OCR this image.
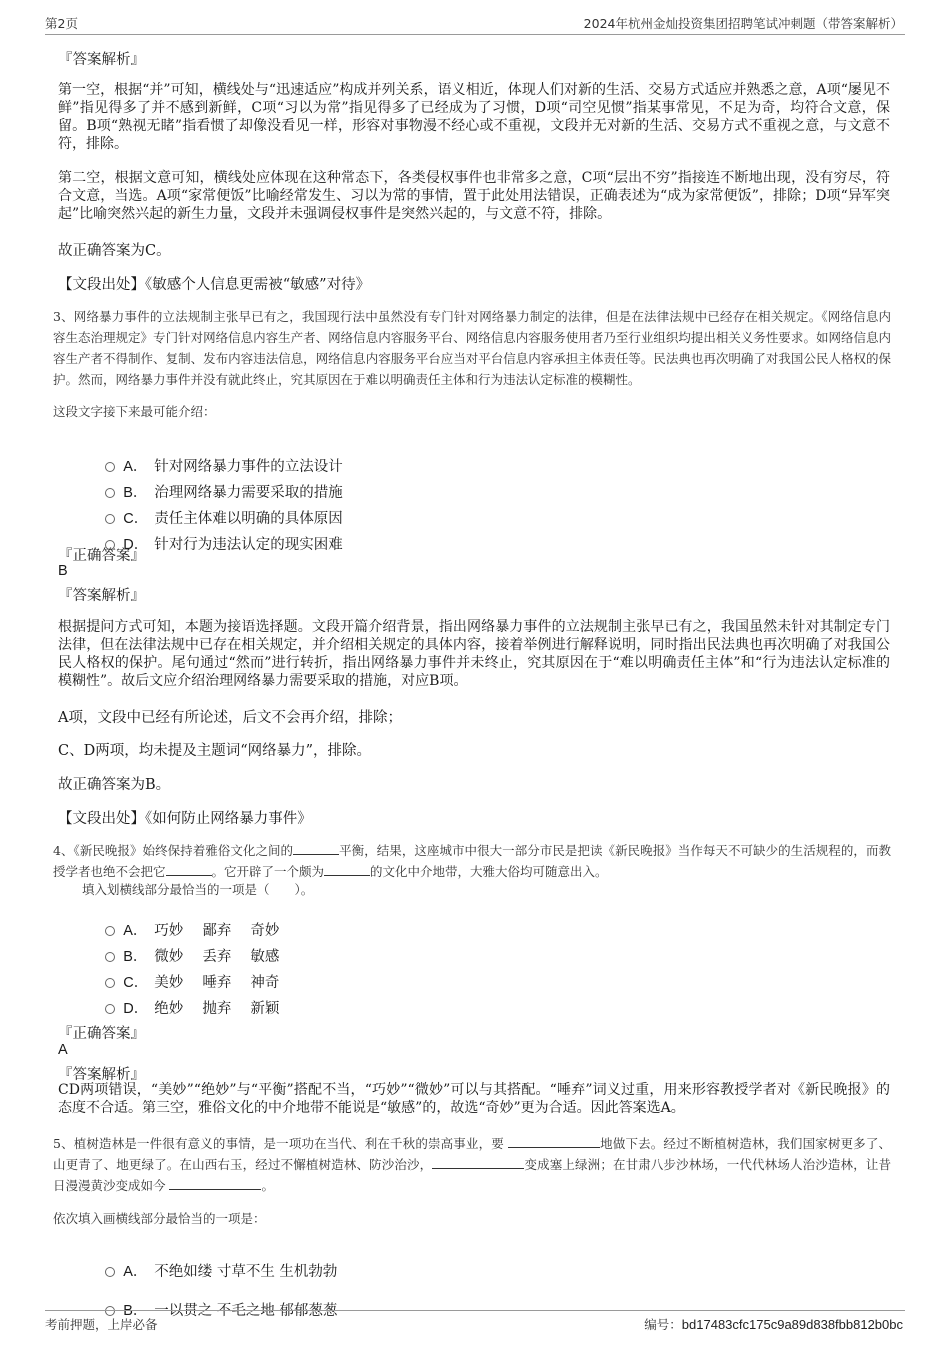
第2页	2024年杭州金灿投资集团招聘笔试冲刺题（带答案解析）
『答案解析』

第一空，根据“并”可知，横线处与“迅速适应”构成并列关系，语义相近，体现人们对新的生活、交易方式适应并熟悉之意，A项“屡见不鲜”指见得多了并不感到新鲜，C项“习以为常”指见得多了已经成为了习惯，D项“司空见惯”指某事常见，不足为奇，均符合文意，保留。B项“熟视无睹”指看惯了却像没看见一样，形容对事物漫不经心或不重视，文段并无对新的生活、交易方式不重视之意，与文意不符，排除。

第二空，根据文意可知，横线处应体现在这种常态下，各类侵权事件也非常多之意，C项“层出不穷”指接连不断地出现，没有穷尽，符合文意，当选。A项“家常便饭”比喻经常发生、习以为常的事情，置于此处用法错误，正确表述为“成为家常便饭”，排除；D项“异军突起”比喻突然兴起的新生力量，文段并未强调侵权事件是突然兴起的，与文意不符，排除。

故正确答案为C。
【文段出处】《敏感个人信息更需被“敏感”对待》

3、网络暴力事件的立法规制主张早已有之，我国现行法中虽然没有专门针对网络暴力制定的法律，但是在法律法规中已经存在相关规定。《网络信息内容生态治理规定》专门针对网络信息内容生产者、网络信息内容服务平台、网络信息内容服务使用者乃至行业组织均提出相关义务性要求。如网络信息内容生产者不得制作、复制、发布内容违法信息，网络信息内容服务平台应当对平台信息内容承担主体责任等。民法典也再次明确了对我国公民人格权的保护。然而，网络暴力事件并没有就此终止，究其原因在于难以明确责任主体和行为违法认定标准的模糊性。

这段文字接下来最可能介绍：

A． 针对网络暴力事件的立法设计

B． 治理网络暴力需要采取的措施

C． 责任主体难以明确的具体原因

D． 针对行为违法认定的现实困难

『正确答案』
B
『答案解析』

根据提问方式可知，本题为接语选择题。文段开篇介绍背景，指出网络暴力事件的立法规制主张早已有之，我国虽然未针对其制定专门法律，但在法律法规中已存在相关规定，并介绍相关规定的具体内容，接着举例进行解释说明，同时指出民法典也再次明确了对我国公民人格权的保护。尾句通过“然而”进行转折，指出网络暴力事件并未终止，究其原因在于“难以明确责任主体”和“行为违法认定标准的模糊性”。故后文应介绍治理网络暴力需要采取的措施，对应B项。

A项，文段中已经有所论述，后文不会再介绍，排除；
C、D两项，均未提及主题词“网络暴力”，排除。
故正确答案为B。
【文段出处】《如何防止网络暴力事件》

4、《新民晚报》始终保持着雅俗文化之间的	平衡，结果，这座城市中很大一部分市民是把读《新民晚报》当作每天不可缺少的生活规程的，而教授学者也绝不会把它	。它开辟了一个颇为	的文化中介地带，大雅大俗均可随意出入。

填入划横线部分最恰当的一项是（　　）。

A． 巧妙　 鄙弃　 奇妙

B． 微妙　 丢弃　 敏感

C． 美妙　 唾弃　 神奇

D． 绝妙　 抛弃　 新颖

『正确答案』
A
『答案解析』

CD两项错误，“美妙”“绝妙”与“平衡”搭配不当，“巧妙”“微妙”可以与其搭配。“唾弃”词义过重，用来形容教授学者对《新民晚报》的态度不合适。第三空，雅俗文化的中介地带不能说是“敏感”的，故选“奇妙”更为合适。因此答案选A。

5、植树造林是一件很有意义的事情，是一项功在当代、利在千秋的崇高事业，要	地做下去。经过不断植树造林，我们国家树更多了、山更青了、地更绿了。在山西右玉，经过不懈植树造林、防沙治沙，	变成塞上绿洲；在甘肃八步沙林场，一代代林场人治沙造林，让昔日漫漫黄沙变成如今	。

依次填入画横线部分最恰当的一项是：

A． 不绝如缕 寸草不生 生机勃勃

B． 一以贯之 不毛之地 郁郁葱葱

考前押题，上岸必备	编号：bd17483cfc175c9a89d838fbb812b0bc
